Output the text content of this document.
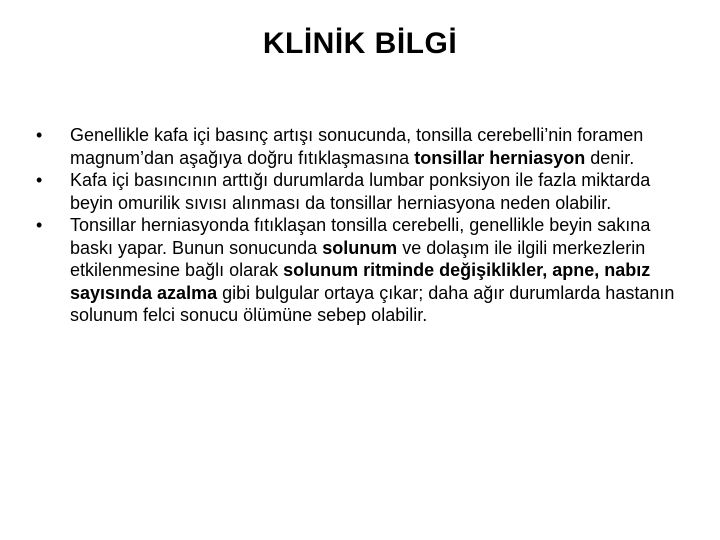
KLİNİK BİLGİ
•	Genellikle kafa içi basınç artışı sonucunda, tonsilla cerebelli’nin foramen magnum’dan aşağıya doğru fıtıklaşmasına tonsillar herniasyon denir.
•	Kafa içi basıncının arttığı durumlarda lumbar ponksiyon ile fazla miktarda beyin omurilik sıvısı alınması da tonsillar herniasyona neden olabilir.
•	Tonsillar herniasyonda fıtıklaşan tonsilla cerebelli, genellikle beyin sakına baskı yapar. Bunun sonucunda solunum ve dolaşım ile ilgili merkezlerin etkilenmesine bağlı olarak solunum ritminde değişiklikler, apne, nabız sayısında azalma gibi bulgular ortaya çıkar; daha ağır durumlarda hastanın solunum felci sonucu ölümüne sebep olabilir.
